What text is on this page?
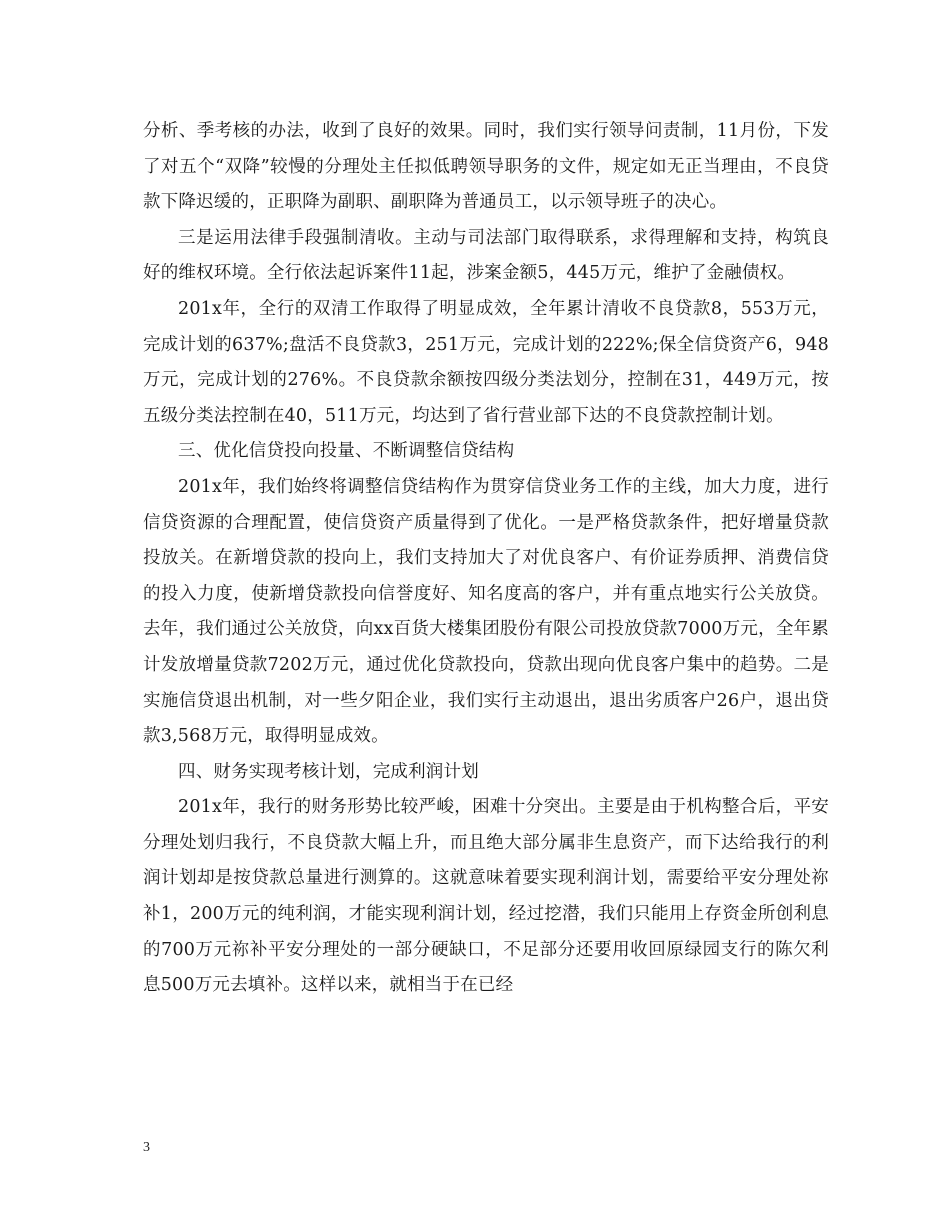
分析、季考核的办法，收到了良好的效果。同时，我们实行领导问责制，11月份，下发了对五个“双降”较慢的分理处主任拟低聘领导职务的文件，规定如无正当理由，不良贷款下降迟缓的，正职降为副职、副职降为普通员工，以示领导班子的决心。

三是运用法律手段强制清收。主动与司法部门取得联系，求得理解和支持，构筑良好的维权环境。全行依法起诉案件11起，涉案金额5，445万元，维护了金融债权。

201x年，全行的双清工作取得了明显成效，全年累计清收不良贷款8，553万元，完成计划的637%;盘活不良贷款3，251万元，完成计划的222%;保全信贷资产6，948万元，完成计划的276%。不良贷款余额按四级分类法划分，控制在31，449万元，按五级分类法控制在40，511万元，均达到了省行营业部下达的不良贷款控制计划。

三、优化信贷投向投量、不断调整信贷结构

201x年，我们始终将调整信贷结构作为贯穿信贷业务工作的主线，加大力度，进行信贷资源的合理配置，使信贷资产质量得到了优化。一是严格贷款条件，把好增量贷款投放关。在新增贷款的投向上，我们支持加大了对优良客户、有价证券质押、消费信贷的投入力度，使新增贷款投向信誉度好、知名度高的客户，并有重点地实行公关放贷。去年，我们通过公关放贷，向xx百货大楼集团股份有限公司投放贷款7000万元，全年累计发放增量贷款7202万元，通过优化贷款投向，贷款出现向优良客户集中的趋势。二是实施信贷退出机制，对一些夕阳企业，我们实行主动退出，退出劣质客户26户，退出贷款3,568万元，取得明显成效。

四、财务实现考核计划，完成利润计划

201x年，我行的财务形势比较严峻，困难十分突出。主要是由于机构整合后，平安分理处划归我行，不良贷款大幅上升，而且绝大部分属非生息资产，而下达给我行的利润计划却是按贷款总量进行测算的。这就意味着要实现利润计划，需要给平安分理处祢补1，200万元的纯利润，才能实现利润计划，经过挖潜，我们只能用上存资金所创利息的700万元祢补平安分理处的一部分硬缺口，不足部分还要用收回原绿园支行的陈欠利息500万元去填补。这样以来，就相当于在已经

3
